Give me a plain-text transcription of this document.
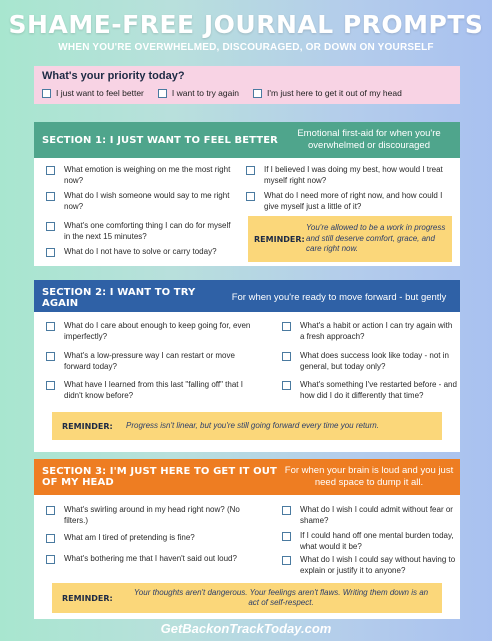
SHAME-FREE JOURNAL PROMPTS
WHEN YOU'RE OVERWHELMED, DISCOURAGED, OR DOWN ON YOURSELF
What's your priority today?
I just want to feel better	I want to try again	I'm just here to get it out of my head
SECTION 1: I JUST WANT TO FEEL BETTER
Emotional first-aid for when you're overwhelmed or discouraged
What emotion is weighing on me the most right now?
What do I wish someone would say to me right now?
What's one comforting thing I can do for myself in the next 15 minutes?
What do I not have to solve or carry today?
If I believed I was doing my best, how would I treat myself right now?
What do I need more of right now, and how could I give myself just a little of it?
REMINDER:
You're allowed to be a work in progress and still deserve comfort, grace, and care right now.
SECTION 2: I WANT TO TRY AGAIN
For when you're ready to move forward - but gently
What do I care about enough to keep going for, even imperfectly?
What's a low-pressure way I can restart or move forward today?
What have I learned from this last "falling off" that I didn't know before?
What's a habit or action I can try again with a fresh approach?
What does success look like today - not in general, but today only?
What's something I've restarted before - and how did I do it differently that time?
REMINDER:	Progress isn't linear, but you're still going forward every time you return.
SECTION 3: I'M JUST HERE TO GET IT OUT OF MY HEAD
For when your brain is loud and you just need space to dump it all.
What's swirling around in my head right now? (No filters.)
What am I tired of pretending is fine?
What's bothering me that I haven't said out loud?
What do I wish I could admit without fear or shame?
If I could hand off one mental burden today, what would it be?
What do I wish I could say without having to explain or justify it to anyone?
REMINDER:
Your thoughts aren't dangerous. Your feelings aren't flaws. Writing them down is an act of self-respect.
GetBackonTrackToday.com
